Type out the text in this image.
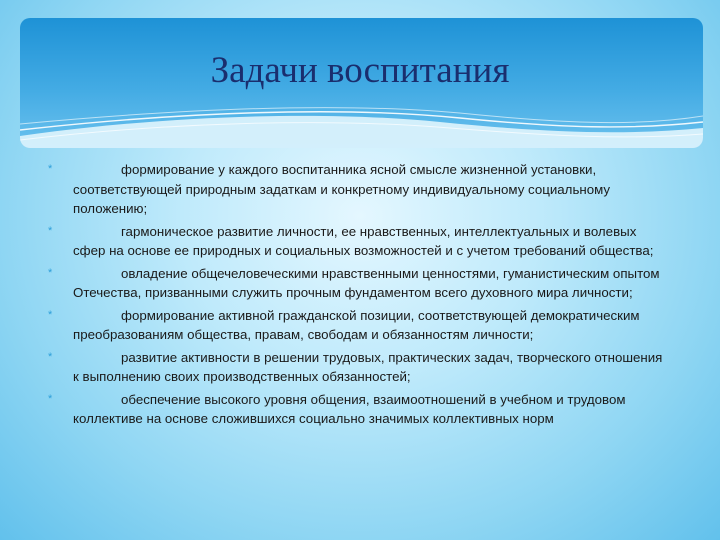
Задачи воспитания

*	формирование у каждого воспитанника ясной смысле жизненной установки, соответствующей природным задаткам и конкретному индивидуальному социальному положению;

*	гармоническое развитие личности, ее нравственных, интеллектуальных и волевых сфер на основе ее природных и социальных возможностей и с учетом требований общества;

*	овладение общечеловеческими нравственными ценностями, гуманистическим опытом Отечества, призванными служить прочным фундаментом всего духовного мира личности;

*	формирование активной гражданской позиции, соответствующей демократическим преобразованиям общества, правам, свободам и обязанностям личности;

*	развитие активности в решении трудовых, практических задач, творческого отношения к выполнению своих производственных обязанностей;

*	обеспечение высокого уровня общения, взаимоотношений в учебном и трудовом коллективе на основе сложившихся социально значимых коллективных норм
